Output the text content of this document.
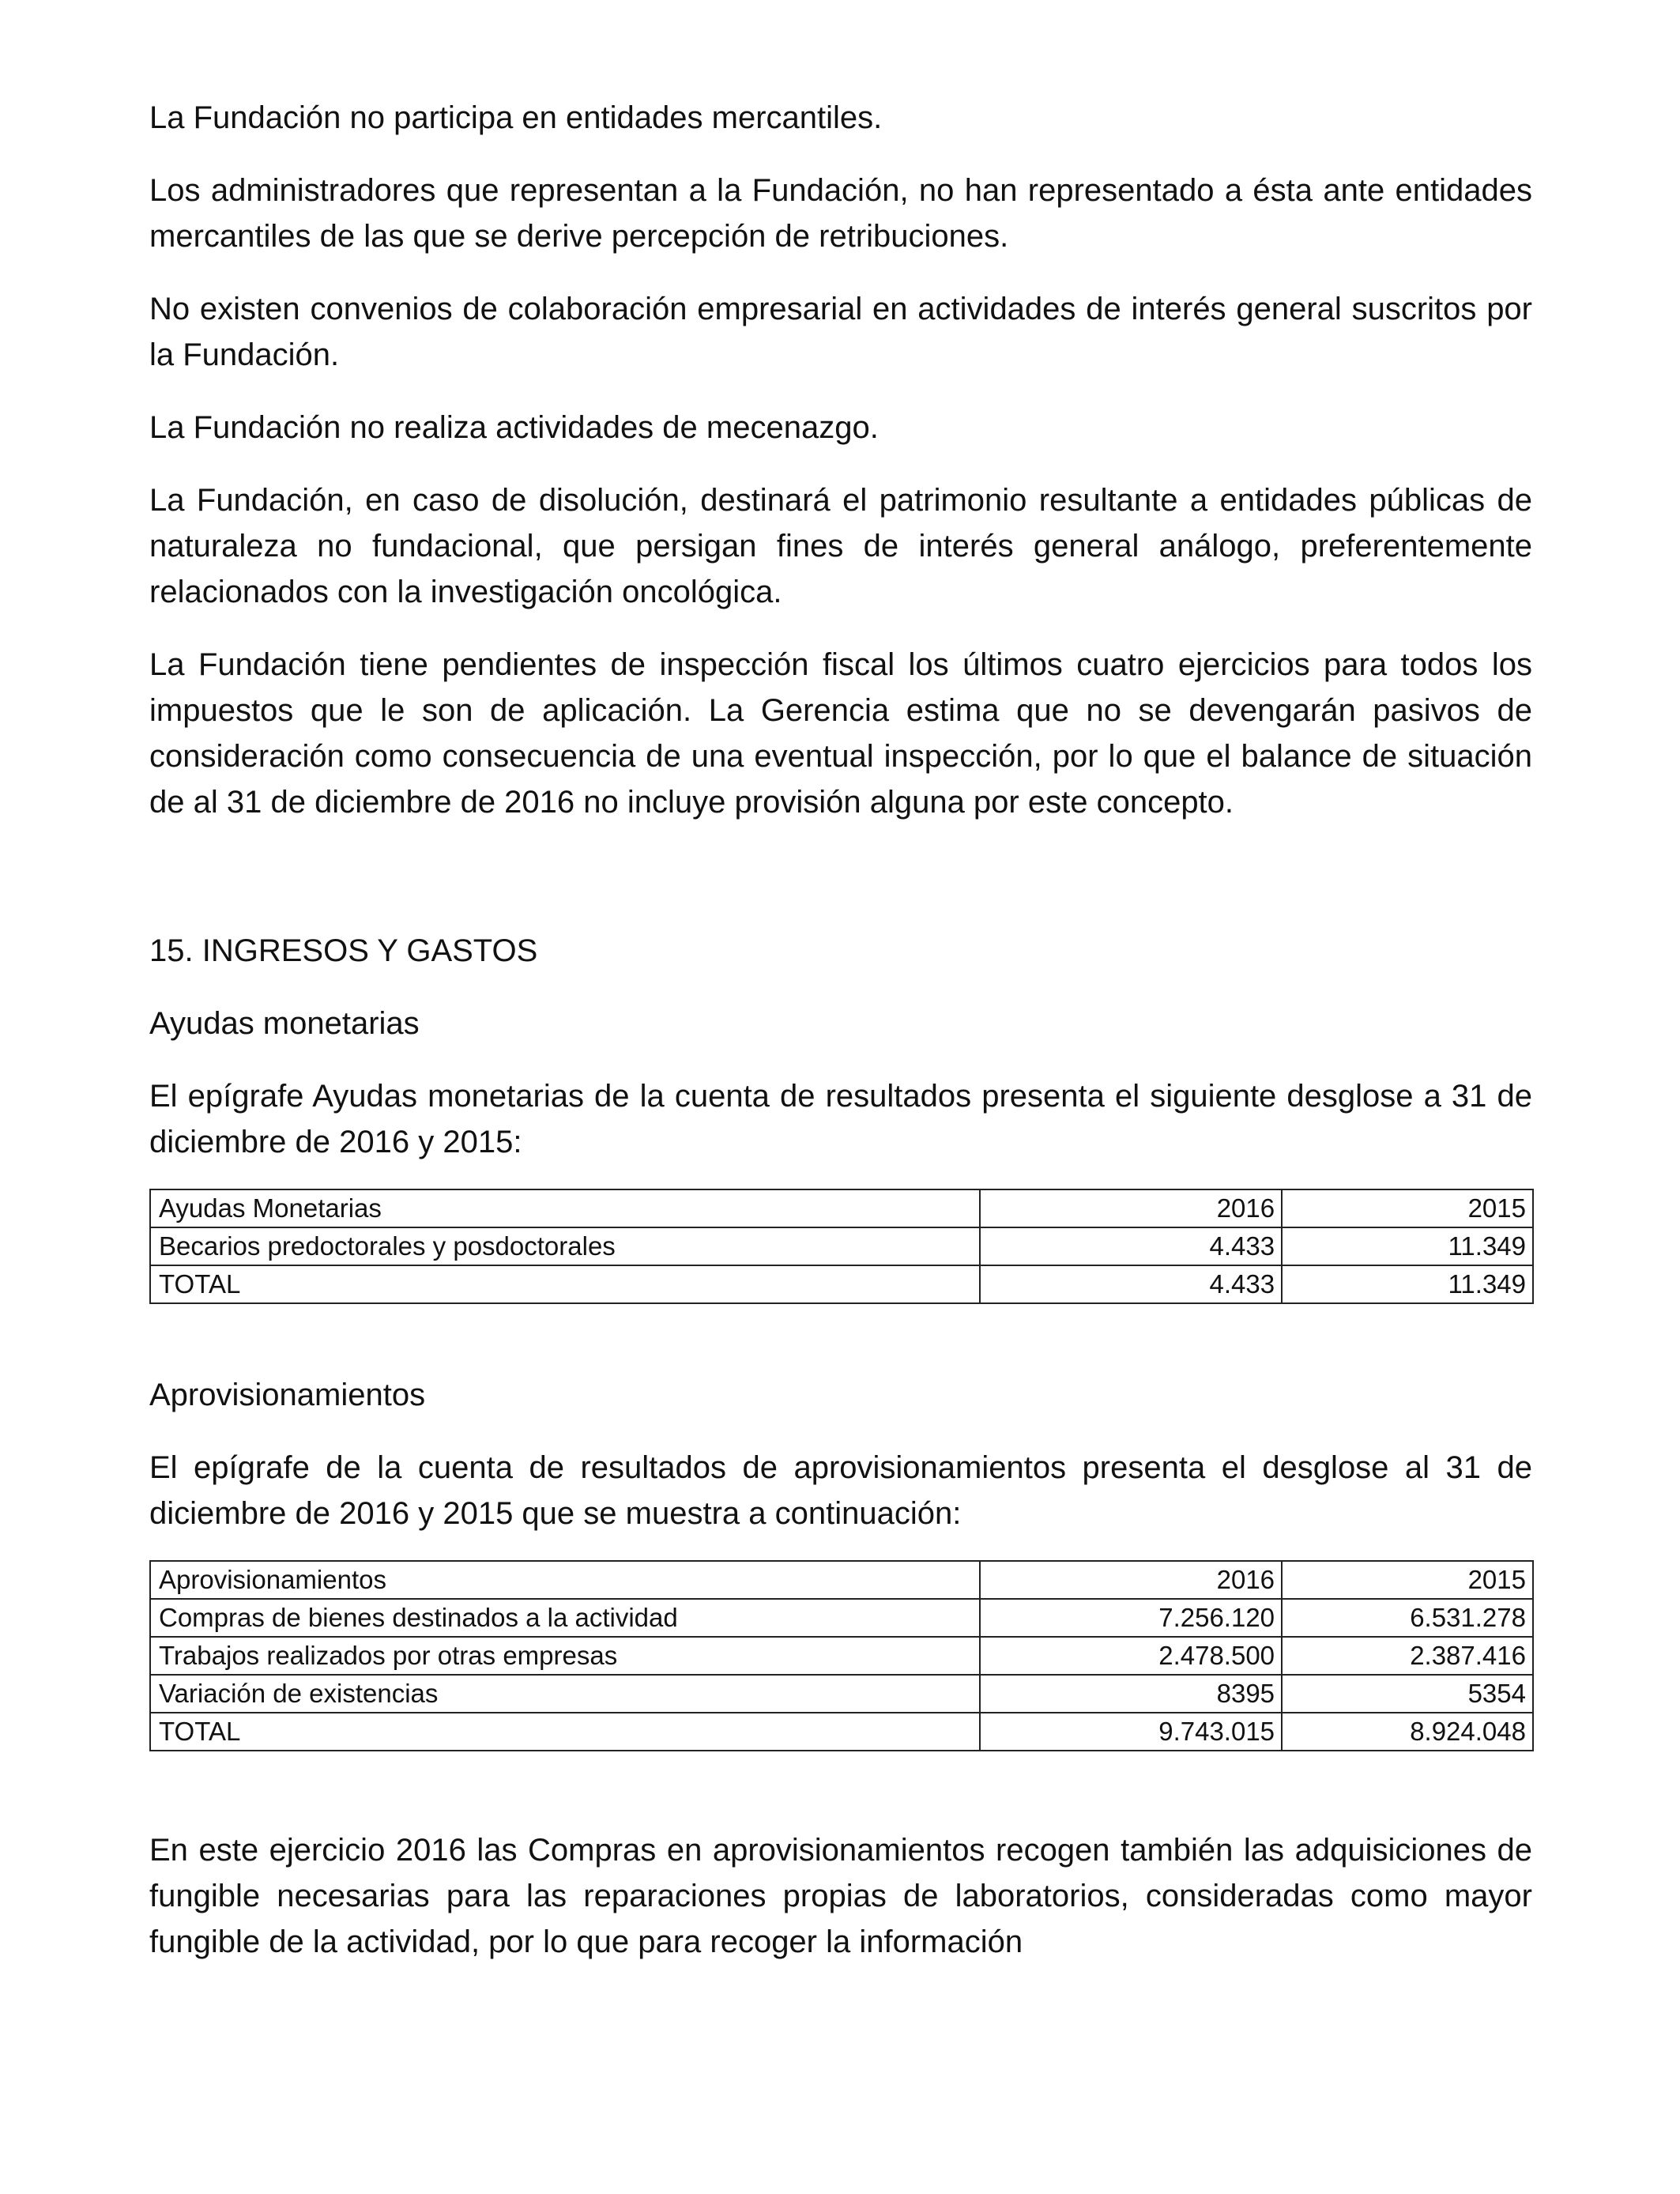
La Fundación no participa en entidades mercantiles.

Los administradores que representan a la Fundación, no han representado a ésta ante entidades mercantiles de las que se derive percepción de retribuciones.

No existen convenios de colaboración empresarial en actividades de interés general suscritos por la Fundación.

La Fundación no realiza actividades de mecenazgo.

La Fundación, en caso de disolución, destinará el patrimonio resultante a entidades públicas de naturaleza no fundacional, que persigan fines de interés general análogo, preferentemente relacionados con la investigación oncológica.

La Fundación tiene pendientes de inspección fiscal los últimos cuatro ejercicios para todos los impuestos que le son de aplicación. La Gerencia estima que no se devengarán pasivos de consideración como consecuencia de una eventual inspección, por lo que el balance de situación de al 31 de diciembre de 2016 no incluye provisión alguna por este concepto.

15. INGRESOS Y GASTOS
Ayudas monetarias

El epígrafe Ayudas monetarias de la cuenta de resultados presenta el siguiente desglose a 31 de diciembre de 2016 y 2015:

Ayudas Monetarias	2016	2015
Becarios predoctorales y posdoctorales	4.433	11.349
TOTAL	4.433	11.349
Aprovisionamientos

El epígrafe de la cuenta de resultados de aprovisionamientos presenta el desglose al 31 de diciembre de 2016 y 2015 que se muestra a continuación:

Aprovisionamientos	2016	2015
Compras de bienes destinados a la actividad	7.256.120	6.531.278
Trabajos realizados por otras empresas	2.478.500	2.387.416
Variación de existencias	8395	5354
TOTAL	9.743.015	8.924.048

En este ejercicio 2016 las Compras en aprovisionamientos recogen también las adquisiciones de fungible necesarias para las reparaciones propias de laboratorios, consideradas como mayor fungible de la actividad, por lo que para recoger la información
